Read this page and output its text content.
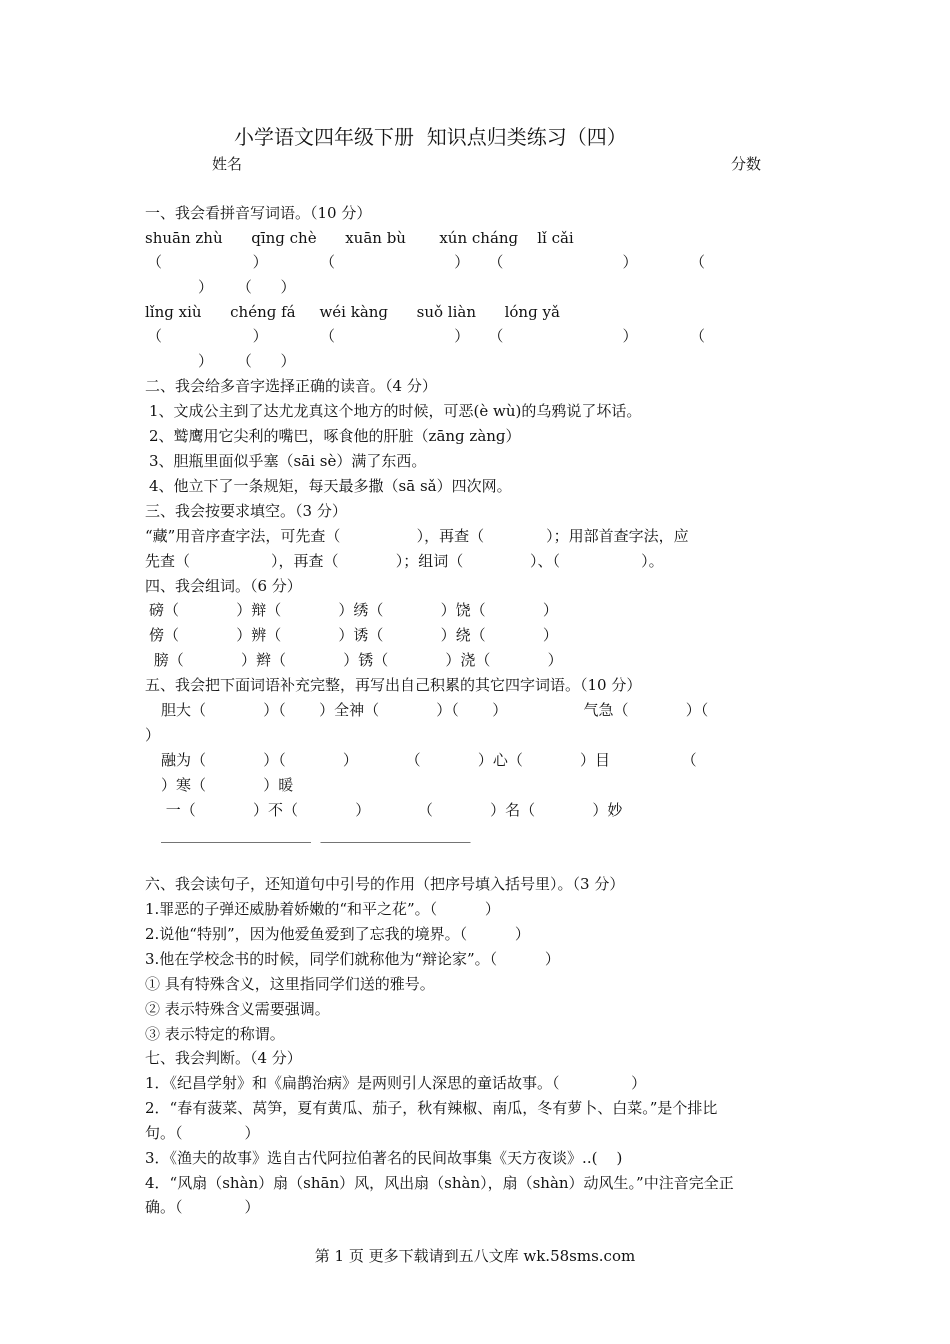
小学语文四年级下册  知识点归类练习（四）
姓名	分数
一、我会看拼音写词语。（10 分）
shuān zhù      qīnɡ chè      xuān bù       xún chánɡ    lǐ cǎi
（                   ）           （                         ）    （                         ）           （
）     （      ）
lǐnɡ xiù      chénɡ fá     wéi kànɡ      suǒ liàn      lónɡ yǎ
（                   ）           （                         ）    （                         ）           （
）     （      ）
二、我会给多音字选择正确的读音。（4 分）
1、文成公主到了达尤龙真这个地方的时候，可恶(è wù)的乌鸦说了坏话。
2、鹫鹰用它尖利的嘴巴，啄食他的肝脏（zānɡ zànɡ）
3、胆瓶里面似乎塞（sāi sè）满了东西。
4、他立下了一条规矩，每天最多撒（sā sǎ）四次网。
三、我会按要求填空。（3 分）
“藏”用音序查字法，可先查（                ），再查（             ）；用部首查字法，应
先查（                 ），再查（            ）；组词（              ）、（                 ）。
四、我会组词。（6 分）
磅（            ）辩（            ）绣（            ）饶（            ）
傍（            ）辨（            ）诱（            ）绕（            ）
膀（            ）辫（            ）锈（            ）浇（            ）
五、我会把下面词语补充完整，再写出自己积累的其它四字词语。（10 分）
胆大（            ）（       ）全神（            ）（       ）                气急（            ）（
）
融为（            ）（            ）          （            ）心（            ）目               （
）寒（            ）暖
一（            ）不（            ）          （            ）名（            ）妙
____________________  ____________________
六、我会读句子，还知道句中引号的作用（把序号填入括号里）。（3 分）
1.罪恶的子弹还威胁着娇嫩的“和平之花”。（          ）
2.说他“特别”，因为他爱鱼爱到了忘我的境界。（          ）
3.他在学校念书的时候，同学们就称他为“辩论家”。（          ）
① 具有特殊含义，这里指同学们送的雅号。
② 表示特殊含义需要强调。
③ 表示特定的称谓。
七、我会判断。（4 分）
1．《纪昌学射》和《扁鹊治病》是两则引人深思的童话故事。（               ）
2．“春有菠菜、莴笋，夏有黄瓜、茄子，秋有辣椒、南瓜，冬有萝卜、白菜。”是个排比
句。（             ）
3．《渔夫的故事》选自古代阿拉伯著名的民间故事集《天方夜谈》..(    )
4．“风扇（shàn）扇（shān）风，风出扇（shàn），扇（shàn）动风生。”中注音完全正
确。（             ）
第 1 页 更多下载请到五八文库 wk.58sms.com
